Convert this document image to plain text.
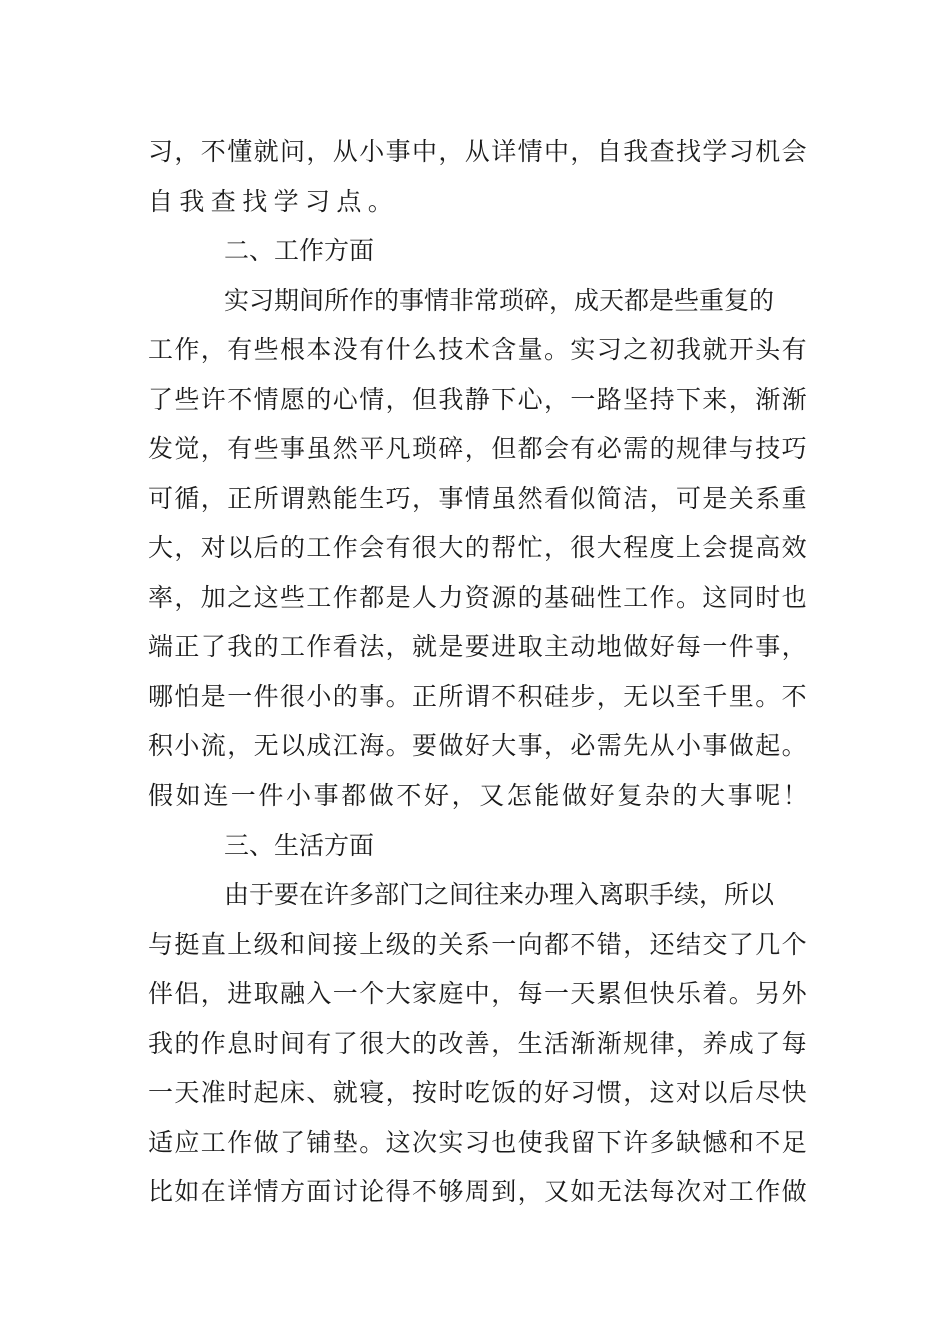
习，不懂就问，从小事中，从详情中，自我查找学习机会
自我查找学习点。
二、工作方面
实习期间所作的事情非常琐碎，成天都是些重复的
工作，有些根本没有什么技术含量。实习之初我就开头有
了些许不情愿的心情，但我静下心，一路坚持下来，渐渐
发觉，有些事虽然平凡琐碎，但都会有必需的规律与技巧
可循，正所谓熟能生巧，事情虽然看似简洁，可是关系重
大，对以后的工作会有很大的帮忙，很大程度上会提高效
率，加之这些工作都是人力资源的基础性工作。这同时也
端正了我的工作看法，就是要进取主动地做好每一件事，
哪怕是一件很小的事。正所谓不积硅步，无以至千里。不
积小流，无以成江海。要做好大事，必需先从小事做起。
假如连一件小事都做不好，又怎能做好复杂的大事呢！
三、生活方面
由于要在许多部门之间往来办理入离职手续，所以
与挺直上级和间接上级的关系一向都不错，还结交了几个
伴侣，进取融入一个大家庭中，每一天累但快乐着。另外
我的作息时间有了很大的改善，生活渐渐规律，养成了每
一天准时起床、就寝，按时吃饭的好习惯，这对以后尽快
适应工作做了铺垫。这次实习也使我留下许多缺憾和不足
比如在详情方面讨论得不够周到，又如无法每次对工作做
